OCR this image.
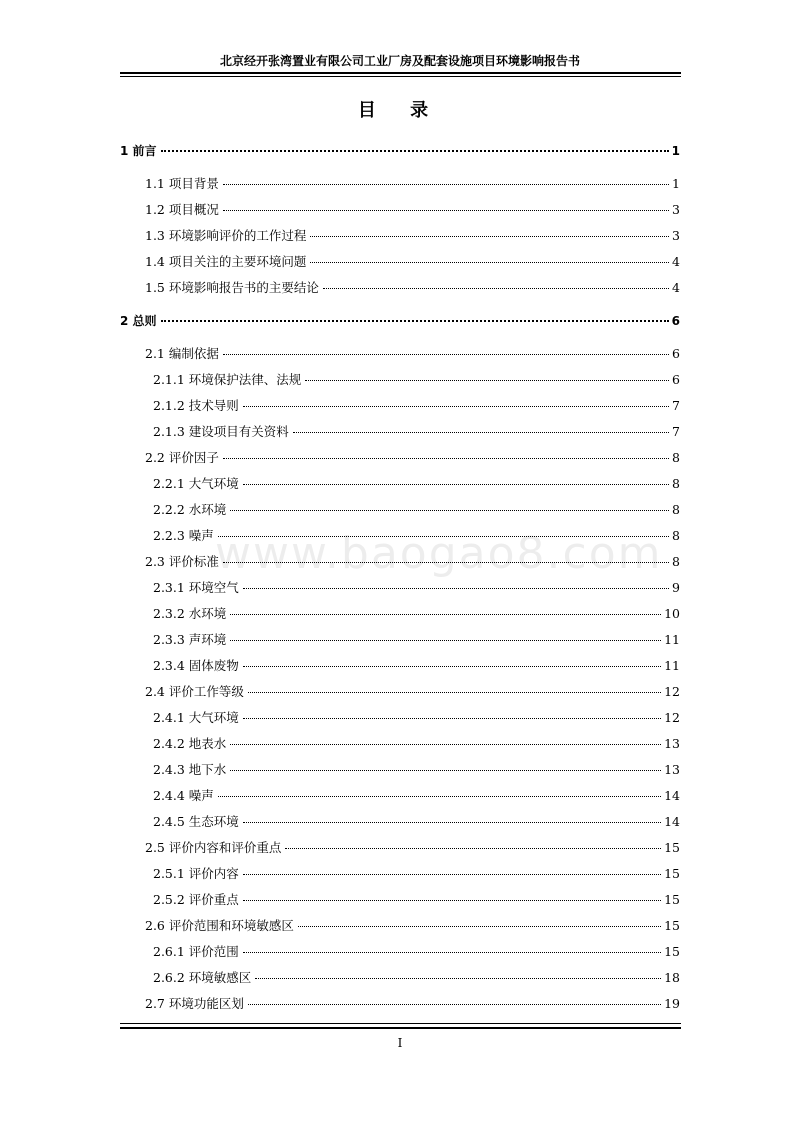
北京经开张湾置业有限公司工业厂房及配套设施项目环境影响报告书
目 录
www.baogao8.com
1 前言	1
1.1 项目背景	1
1.2 项目概况	3
1.3 环境影响评价的工作过程	3
1.4 项目关注的主要环境问题	4
1.5 环境影响报告书的主要结论	4
2 总则	6
2.1 编制依据	6
2.1.1 环境保护法律、法规	6
2.1.2 技术导则	7
2.1.3 建设项目有关资料	7
2.2 评价因子	8
2.2.1 大气环境	8
2.2.2 水环境	8
2.2.3 噪声	8
2.3 评价标准	8
2.3.1 环境空气	9
2.3.2 水环境	10
2.3.3 声环境	11
2.3.4 固体废物	11
2.4 评价工作等级	12
2.4.1 大气环境	12
2.4.2 地表水	13
2.4.3 地下水	13
2.4.4 噪声	14
2.4.5 生态环境	14
2.5 评价内容和评价重点	15
2.5.1 评价内容	15
2.5.2 评价重点	15
2.6 评价范围和环境敏感区	15
2.6.1 评价范围	15
2.6.2 环境敏感区	18
2.7 环境功能区划	19
I
